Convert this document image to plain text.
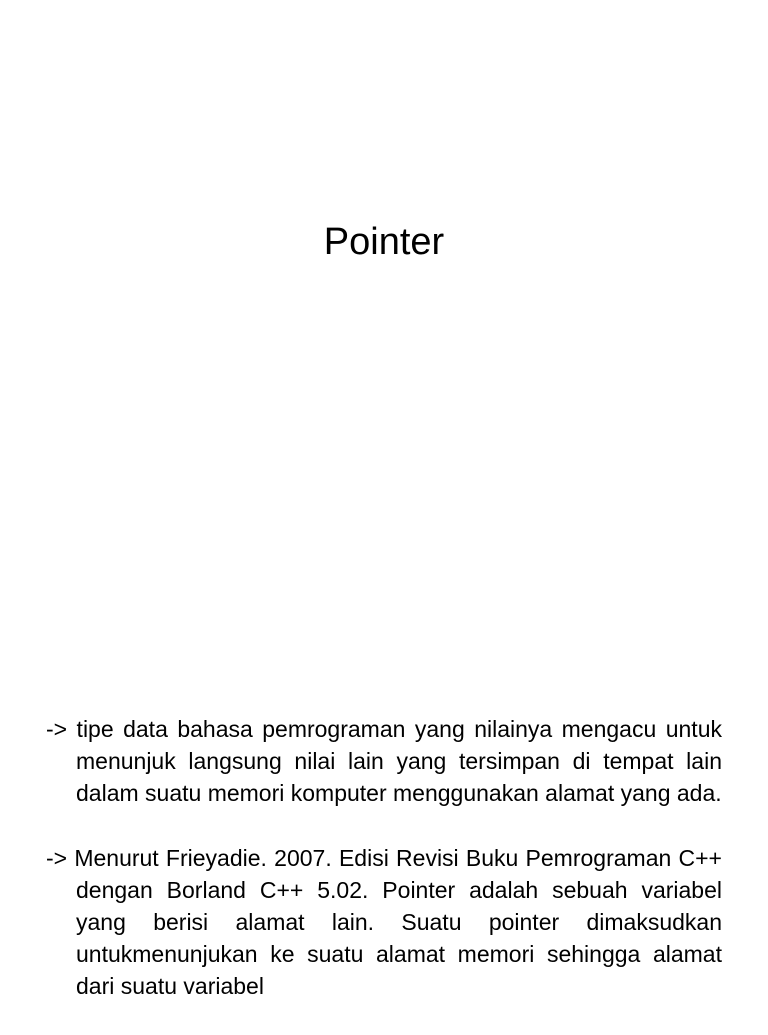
Pointer
-> tipe data bahasa pemrograman yang nilainya mengacu untuk menunjuk langsung nilai lain yang tersimpan di tempat lain dalam suatu memori komputer menggunakan alamat yang ada.
-> Menurut Frieyadie. 2007. Edisi Revisi Buku Pemrograman C++ dengan Borland C++ 5.02. Pointer adalah sebuah variabel yang berisi alamat lain. Suatu pointer dimaksudkan untukmenunjukan ke suatu alamat memori sehingga alamat dari suatu variabel
